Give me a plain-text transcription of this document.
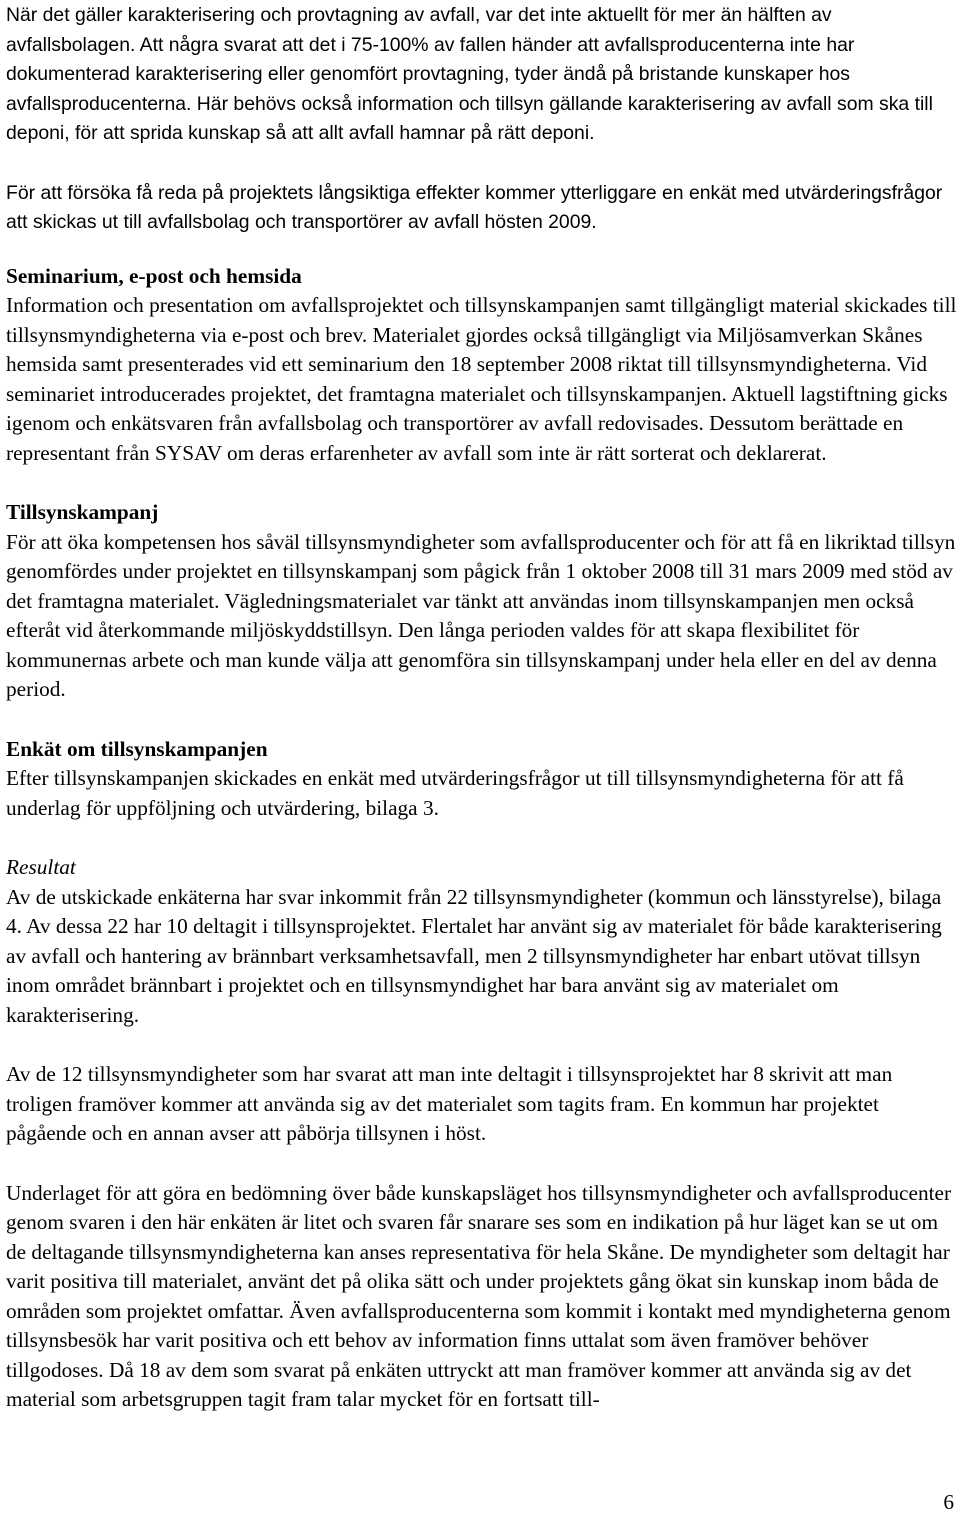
När det gäller karakterisering och provtagning av avfall, var det inte aktuellt för mer än hälften av avfallsbolagen. Att några svarat att det i 75-100% av fallen händer att avfallsproducenterna inte har dokumenterad karakterisering eller genomfört provtagning, tyder ändå på bristande kunskaper hos avfallsproducenterna. Här behövs också information och tillsyn gällande karakterisering av avfall som ska till deponi, för att sprida kunskap så att allt avfall hamnar på rätt deponi.

För att försöka få reda på projektets långsiktiga effekter kommer ytterliggare en enkät med utvärderingsfrågor att skickas ut till avfallsbolag och transportörer av avfall hösten 2009.

Seminarium, e-post och hemsida

Information och presentation om avfallsprojektet och tillsynskampanjen samt tillgängligt material skickades till tillsynsmyndigheterna via e-post och brev. Materialet gjordes också tillgängligt via Miljösamverkan Skånes hemsida samt presenterades vid ett seminarium den 18 september 2008 riktat till tillsynsmyndigheterna. Vid seminariet introducerades projektet, det framtagna materialet och tillsynskampanjen. Aktuell lagstiftning gicks igenom och enkätsvaren från avfallsbolag och transportörer av avfall redovisades. Dessutom berättade en representant från SYSAV om deras erfarenheter av avfall som inte är rätt sorterat och deklarerat.

Tillsynskampanj

För att öka kompetensen hos såväl tillsynsmyndigheter som avfallsproducenter och för att få en likriktad tillsyn genomfördes under projektet en tillsynskampanj som pågick från 1 oktober 2008 till 31 mars 2009 med stöd av det framtagna materialet. Vägledningsmaterialet var tänkt att användas inom tillsynskampanjen men också efteråt vid återkommande miljöskyddstillsyn. Den långa perioden valdes för att skapa flexibilitet för kommunernas arbete och man kunde välja att genomföra sin tillsynskampanj under hela eller en del av denna period.

Enkät om tillsynskampanjen

Efter tillsynskampanjen skickades en enkät med utvärderingsfrågor ut till tillsynsmyndigheterna för att få underlag för uppföljning och utvärdering, bilaga 3.

Resultat

Av de utskickade enkäterna har svar inkommit från 22 tillsynsmyndigheter (kommun och länsstyrelse), bilaga 4. Av dessa 22 har 10 deltagit i tillsynsprojektet. Flertalet har använt sig av materialet för både karakterisering av avfall och hantering av brännbart verksamhetsavfall, men 2 tillsynsmyndigheter har enbart utövat tillsyn inom området brännbart i projektet och en tillsynsmyndighet har bara använt sig av materialet om karakterisering.

Av de 12 tillsynsmyndigheter som har svarat att man inte deltagit i tillsynsprojektet har 8 skrivit att man troligen framöver kommer att använda sig av det materialet som tagits fram. En kommun har projektet pågående och en annan avser att påbörja tillsynen i höst.

Underlaget för att göra en bedömning över både kunskapsläget hos tillsynsmyndigheter och avfallsproducenter genom svaren i den här enkäten är litet och svaren får snarare ses som en indikation på hur läget kan se ut om de deltagande tillsynsmyndigheterna kan anses representativa för hela Skåne. De myndigheter som deltagit har varit positiva till materialet, använt det på olika sätt och under projektets gång ökat sin kunskap inom båda de områden som projektet omfattar. Även avfallsproducenterna som kommit i kontakt med myndigheterna genom tillsynsbesök har varit positiva och ett behov av information finns uttalat som även framöver behöver tillgodoses. Då 18 av dem som svarat på enkäten uttryckt att man framöver kommer att använda sig av det material som arbetsgruppen tagit fram talar mycket för en fortsatt till-

6
